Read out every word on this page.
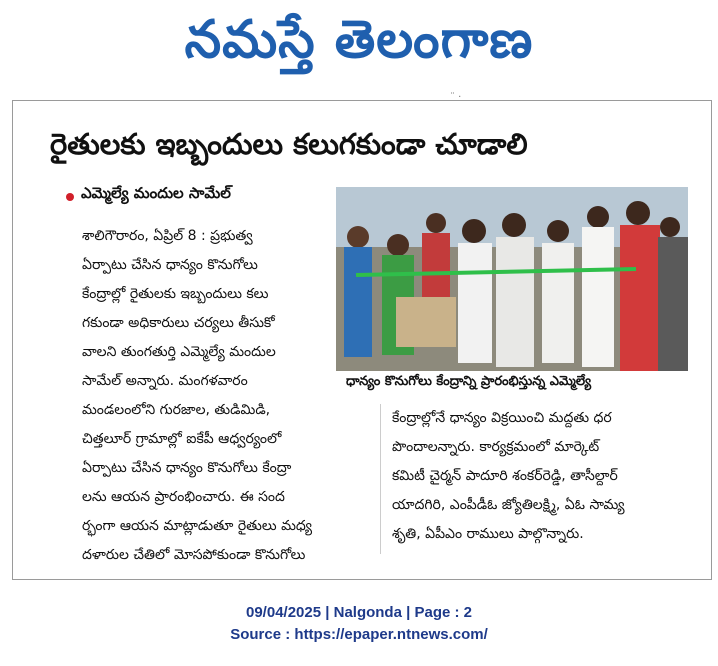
నమస్తే తెలంగాణ
¨ ·
రైతులకు ఇబ్బందులు కలుగకుండా చూడాలి
ఎమ్మెల్యే మందుల సామేల్
శాలిగౌరారం, ఏప్రిల్ 8 : ప్రభుత్వ
ఏర్పాటు చేసిన ధాన్యం కొనుగోలు
కేంద్రాల్లో రైతులకు ఇబ్బందులు కలు
గకుండా అధికారులు చర్యలు తీసుకో
వాలని తుంగతుర్తి ఎమ్మెల్యే మందుల
సామేల్ అన్నారు. మంగళవారం
మండలంలోని గురజాల, తుడిమిడి,
చిత్తలూర్ గ్రామాల్లో ఐకేపీ ఆధ్వర్యంలో
ఏర్పాటు చేసిన ధాన్యం కొనుగోలు కేంద్రా
లను ఆయన ప్రారంభించారు. ఈ సంద
ర్భంగా ఆయన మాట్లాడుతూ రైతులు మధ్య
దళారుల చేతిలో మోసపోకుండా కొనుగోలు
ధాన్యం కొనుగోలు కేంద్రాన్ని ప్రారంభిస్తున్న ఎమ్మెల్యే
కేంద్రాల్లోనే ధాన్యం విక్రయించి మద్దతు ధర
పొందాలన్నారు. కార్యక్రమంలో మార్కెట్
కమిటీ చైర్మన్ పాదూరి శంకర్‌రెడ్డి, తాసీల్దార్
యాదగిరి, ఎంపీడీఓ జ్యోతిలక్ష్మి, ఏఓ సామ్య
శృతి, ఏపీఎం రాములు పాల్గొన్నారు.
09/04/2025 | Nalgonda | Page : 2
Source : https://epaper.ntnews.com/
